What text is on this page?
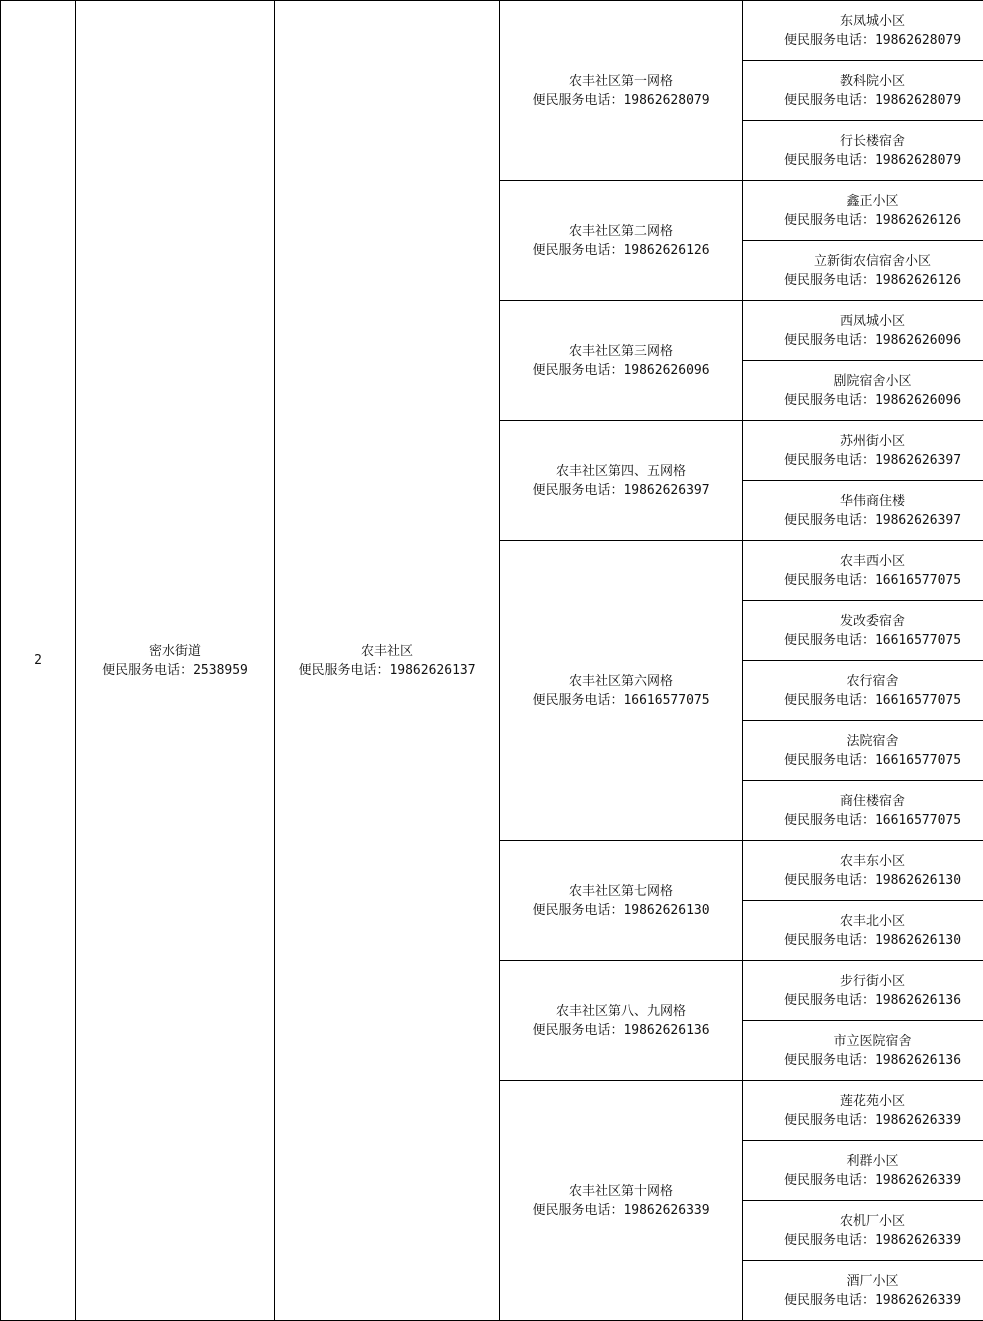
2	密水街道
便民服务电话：2538959	农丰社区
便民服务电话：19862626137	农丰社区第一网格
便民服务电话：19862628079	东凤城小区
便民服务电话：19862628079

				教科院小区
便民服务电话：19862628079

				行长楼宿舍
便民服务电话：19862628079

			农丰社区第二网格
便民服务电话：19862626126	鑫正小区
便民服务电话：19862626126

				立新街农信宿舍小区
便民服务电话：19862626126

			农丰社区第三网格
便民服务电话：19862626096	西凤城小区
便民服务电话：19862626096

				剧院宿舍小区
便民服务电话：19862626096

			农丰社区第四、五网格
便民服务电话：19862626397	苏州街小区
便民服务电话：19862626397

				华伟商住楼
便民服务电话：19862626397

			农丰社区第六网格
便民服务电话：16616577075	农丰西小区
便民服务电话：16616577075

				发改委宿舍
便民服务电话：16616577075

				农行宿舍
便民服务电话：16616577075

				法院宿舍
便民服务电话：16616577075

				商住楼宿舍
便民服务电话：16616577075

			农丰社区第七网格
便民服务电话：19862626130	农丰东小区
便民服务电话：19862626130

				农丰北小区
便民服务电话：19862626130

			农丰社区第八、九网格
便民服务电话：19862626136	步行街小区
便民服务电话：19862626136

				市立医院宿舍
便民服务电话：19862626136

			农丰社区第十网格
便民服务电话：19862626339	莲花苑小区
便民服务电话：19862626339

				利群小区
便民服务电话：19862626339

				农机厂小区
便民服务电话：19862626339

				酒厂小区
便民服务电话：19862626339
